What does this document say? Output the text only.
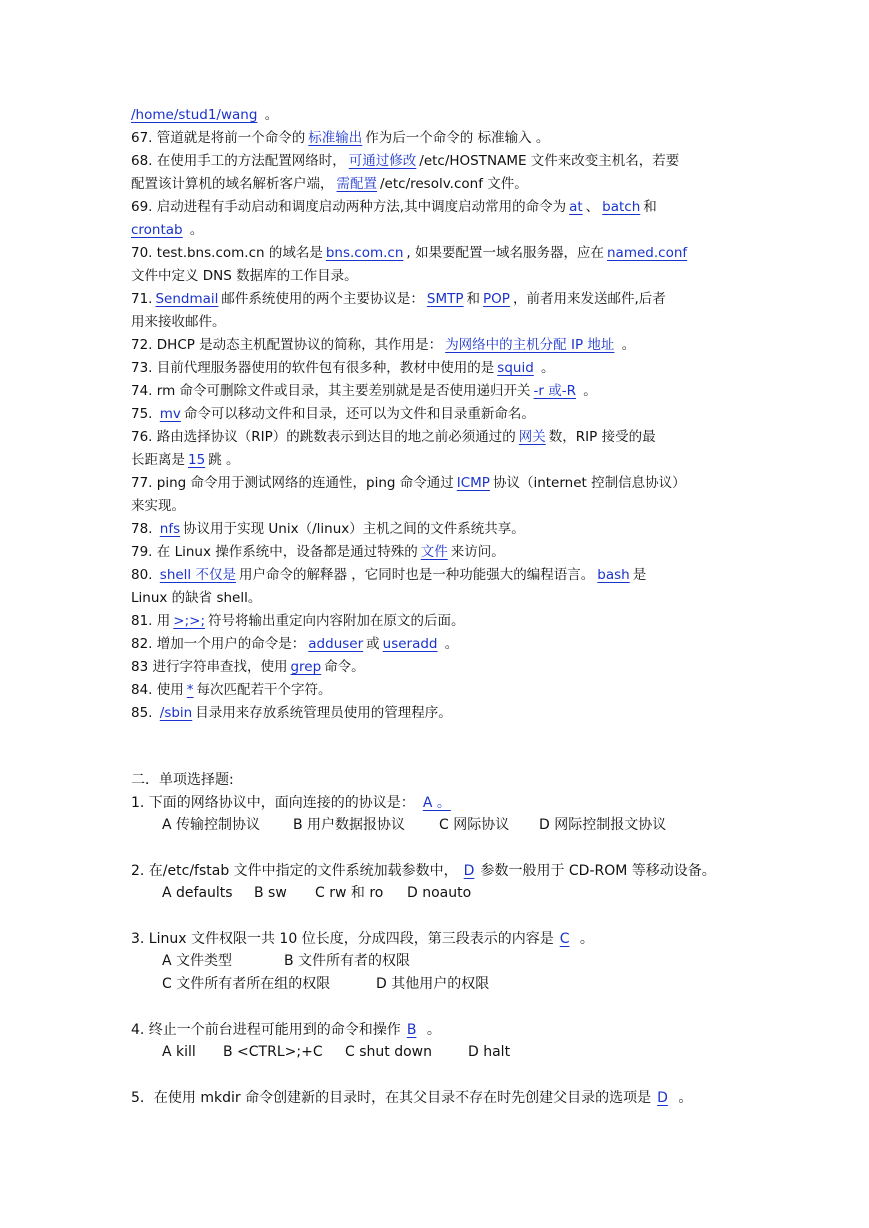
/home/stud1/wang 。
67. 管道就是将前一个命令的 标准输出 作为后一个命令的 标准输入 。
68. 在使用手工的方法配置网络时， 可通过修改 /etc/HOSTNAME 文件来改变主机名，若要
配置该计算机的域名解析客户端， 需配置 /etc/resolv.conf 文件。
69. 启动进程有手动启动和调度启动两种方法,其中调度启动常用的命令为 at 、 batch 和
crontab 。
70. test.bns.com.cn 的域名是 bns.com.cn , 如果要配置一域名服务器，应在 named.conf
文件中定义 DNS 数据库的工作目录。
71. Sendmail 邮件系统使用的两个主要协议是： SMTP 和 POP ，前者用来发送邮件,后者
用来接收邮件。
72. DHCP 是动态主机配置协议的简称，其作用是： 为网络中的主机分配 IP 地址 。
73. 目前代理服务器使用的软件包有很多种，教材中使用的是 squid 。
74. rm 命令可删除文件或目录，其主要差别就是是否使用递归开关 -r 或-R 。
75. mv 命令可以移动文件和目录，还可以为文件和目录重新命名。
76. 路由选择协议（RIP）的跳数表示到达目的地之前必须通过的 网关 数，RIP 接受的最
长距离是 15 跳 。
77. ping 命令用于测试网络的连通性，ping 命令通过 ICMP 协议（internet 控制信息协议）
来实现。
78. nfs 协议用于实现 Unix（/linux）主机之间的文件系统共享。
79. 在 Linux 操作系统中，设备都是通过特殊的 文件 来访问。
80. shell 不仅是 用户命令的解释器 ，它同时也是一种功能强大的编程语言。 bash 是
Linux 的缺省 shell。
81. 用 >;>; 符号将输出重定向内容附加在原文的后面。
82. 增加一个用户的命令是： adduser 或 useradd 。
83 进行字符串查找，使用 grep 命令。
84. 使用 * 每次匹配若干个字符。
85. /sbin 目录用来存放系统管理员使用的管理程序。
二．单项选择题:
1. 下面的网络协议中，面向连接的的协议是： A 。
A 传输控制协议 B 用户数据报协议 C 网际协议 D 网际控制报文协议
2. 在/etc/fstab 文件中指定的文件系统加载参数中， D 参数一般用于 CD-ROM 等移动设备。
A defaults B sw C rw 和 ro D noauto
3. Linux 文件权限一共 10 位长度，分成四段，第三段表示的内容是 C 。
A 文件类型	B 文件所有者的权限
C 文件所有者所在组的权限	D 其他用户的权限
4. 终止一个前台进程可能用到的命令和操作 B 。
A kill B <CTRL>;+C C shut down	D halt
5．在使用 mkdir 命令创建新的目录时，在其父目录不存在时先创建父目录的选项是 D 。
